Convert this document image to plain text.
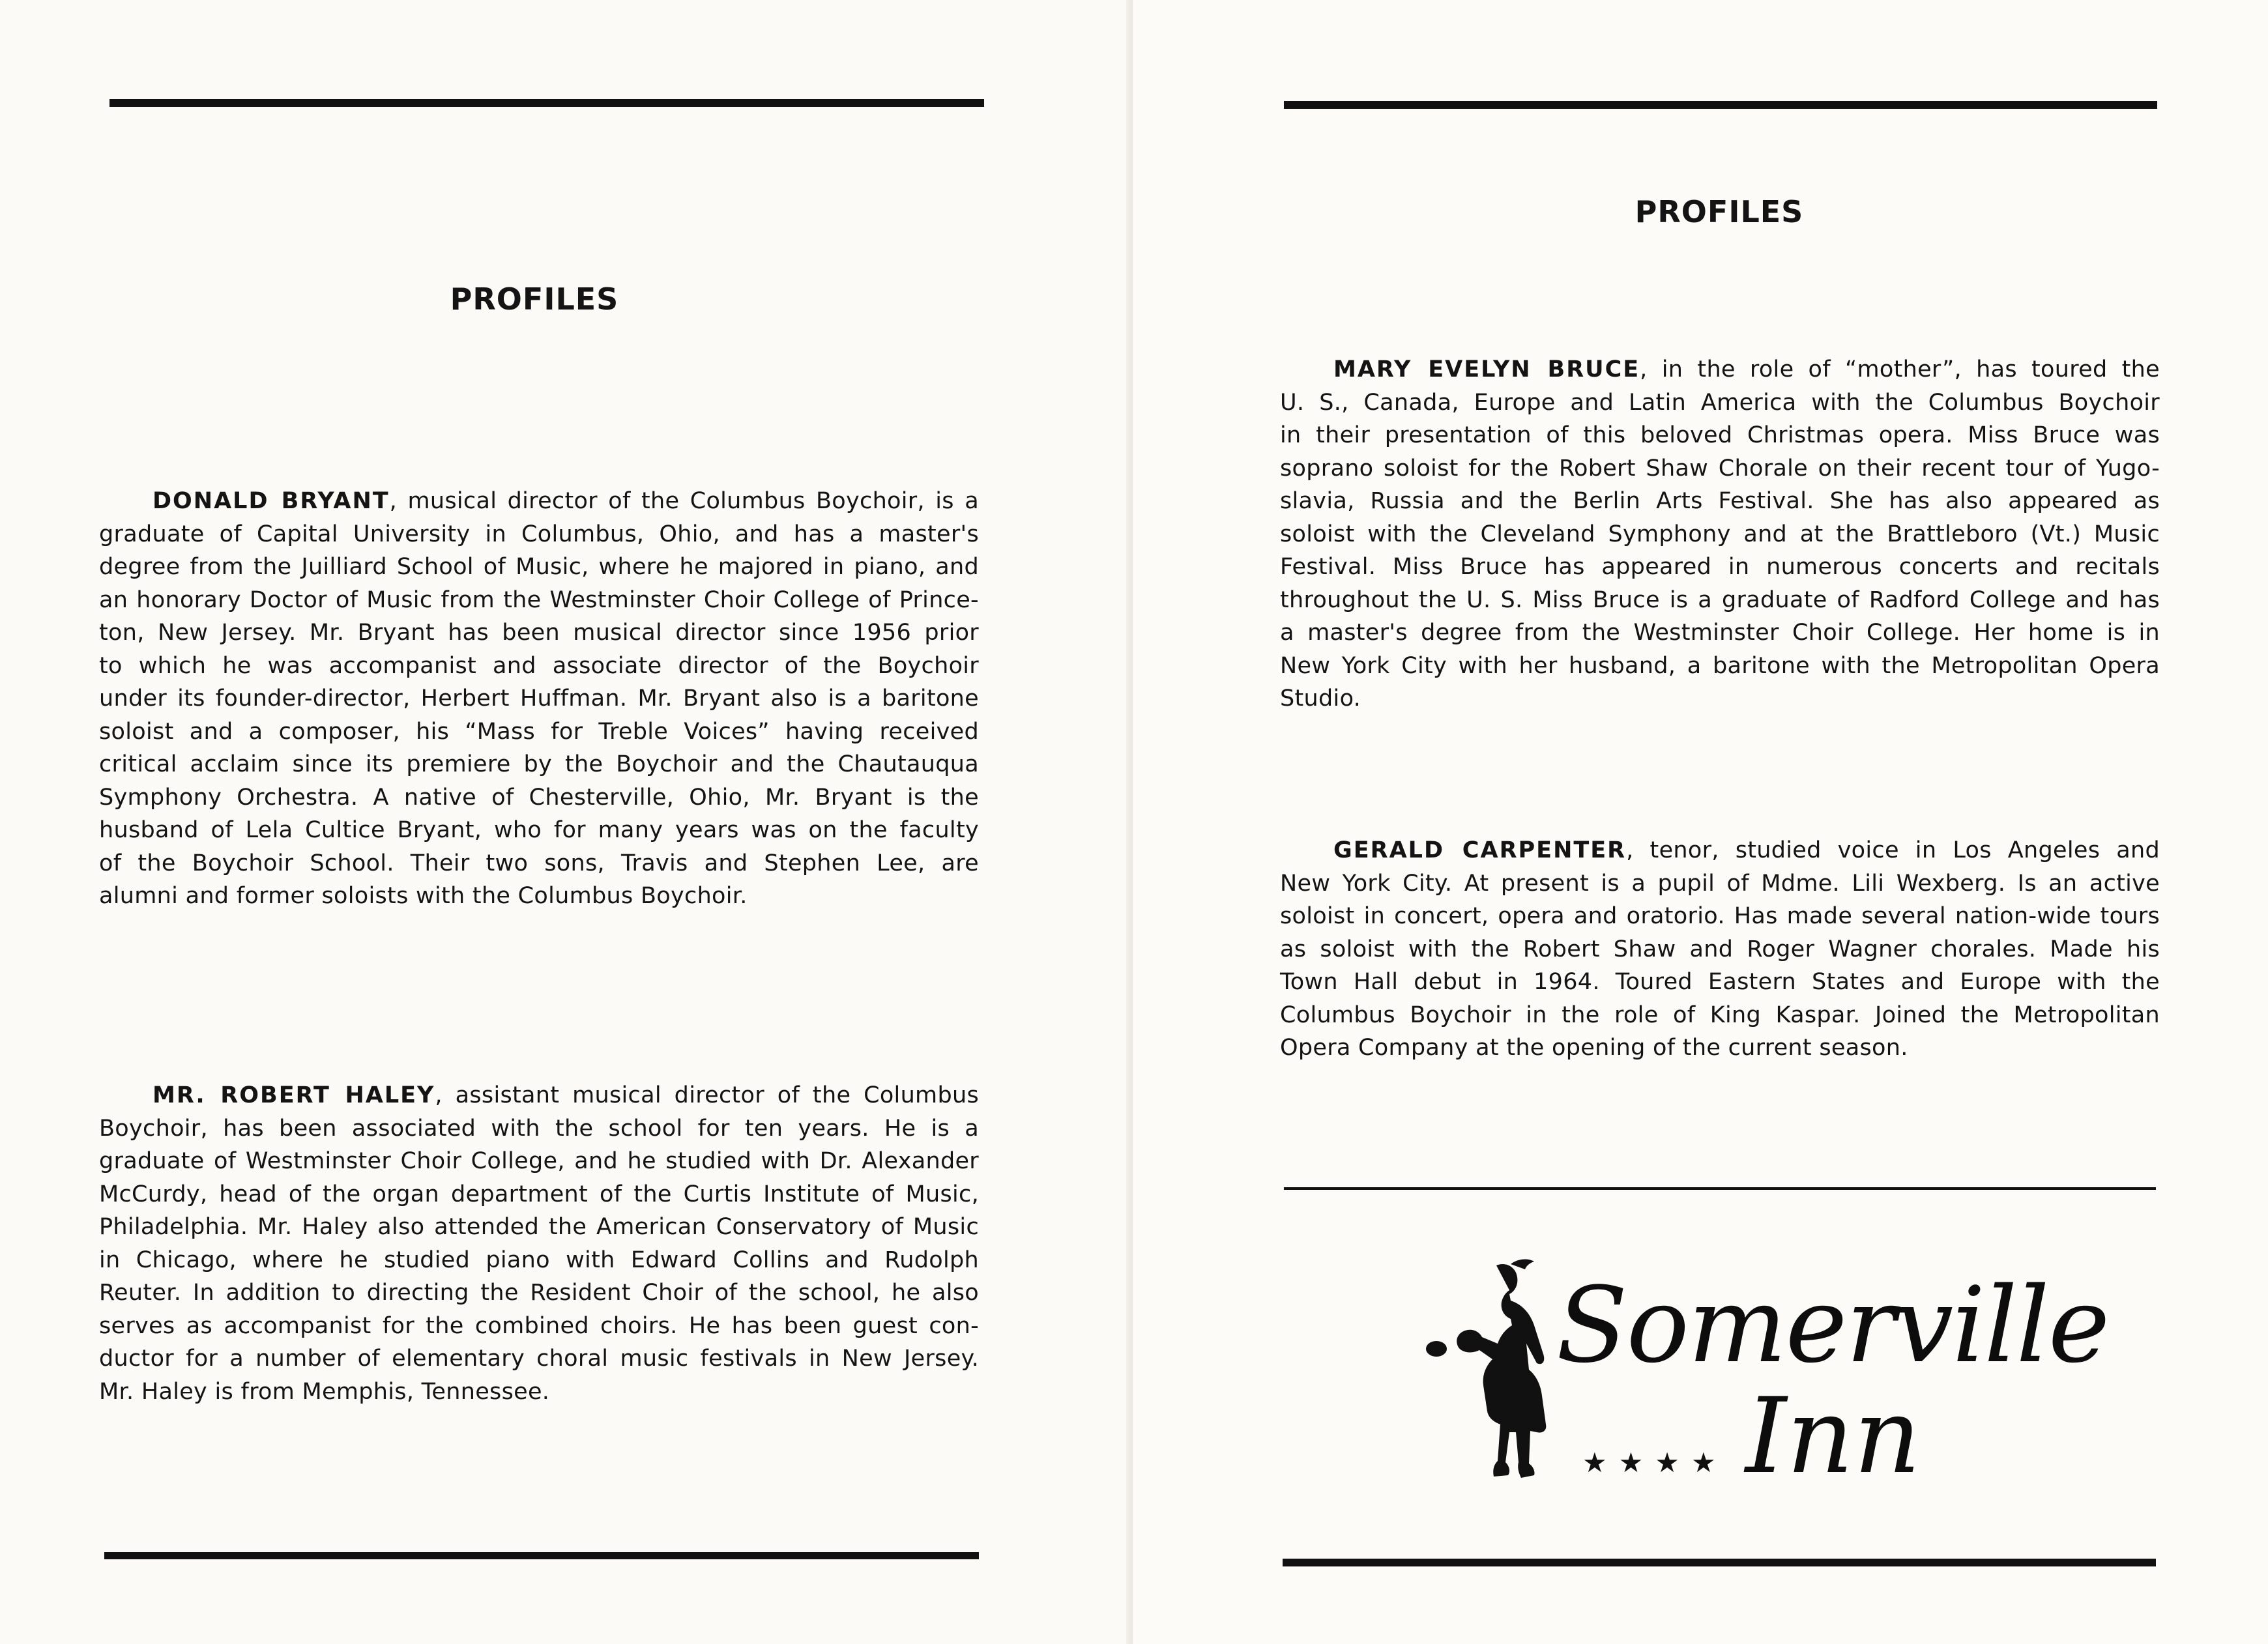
PROFILES
DONALD BRYANT, musical director of the Columbus Boychoir, is a
graduate of Capital University in Columbus, Ohio, and has a master's
degree from the Juilliard School of Music, where he majored in piano, and
an honorary Doctor of Music from the Westminster Choir College of Prince-
ton, New Jersey. Mr. Bryant has been musical director since 1956 prior
to which he was accompanist and associate director of the Boychoir
under its founder-director, Herbert Huffman. Mr. Bryant also is a baritone
soloist and a composer, his “Mass for Treble Voices” having received
critical acclaim since its premiere by the Boychoir and the Chautauqua
Symphony Orchestra. A native of Chesterville, Ohio, Mr. Bryant is the
husband of Lela Cultice Bryant, who for many years was on the faculty
of the Boychoir School. Their two sons, Travis and Stephen Lee, are
alumni and former soloists with the Columbus Boychoir.
MR. ROBERT HALEY, assistant musical director of the Columbus
Boychoir, has been associated with the school for ten years. He is a
graduate of Westminster Choir College, and he studied with Dr. Alexander
McCurdy, head of the organ department of the Curtis Institute of Music,
Philadelphia. Mr. Haley also attended the American Conservatory of Music
in Chicago, where he studied piano with Edward Collins and Rudolph
Reuter. In addition to directing the Resident Choir of the school, he also
serves as accompanist for the combined choirs. He has been guest con-
ductor for a number of elementary choral music festivals in New Jersey.
Mr. Haley is from Memphis, Tennessee.
PROFILES
MARY EVELYN BRUCE, in the role of “mother”, has toured the
U. S., Canada, Europe and Latin America with the Columbus Boychoir
in their presentation of this beloved Christmas opera. Miss Bruce was
soprano soloist for the Robert Shaw Chorale on their recent tour of Yugo-
slavia, Russia and the Berlin Arts Festival. She has also appeared as
soloist with the Cleveland Symphony and at the Brattleboro (Vt.) Music
Festival. Miss Bruce has appeared in numerous concerts and recitals
throughout the U. S. Miss Bruce is a graduate of Radford College and has
a master's degree from the Westminster Choir College. Her home is in
New York City with her husband, a baritone with the Metropolitan Opera
Studio.
GERALD CARPENTER, tenor, studied voice in Los Angeles and
New York City. At present is a pupil of Mdme. Lili Wexberg. Is an active
soloist in concert, opera and oratorio. Has made several nation-wide tours
as soloist with the Robert Shaw and Roger Wagner chorales. Made his
Town Hall debut in 1964. Toured Eastern States and Europe with the
Columbus Boychoir in the role of King Kaspar. Joined the Metropolitan
Opera Company at the opening of the current season.
Somerville
★★★★ Inn
